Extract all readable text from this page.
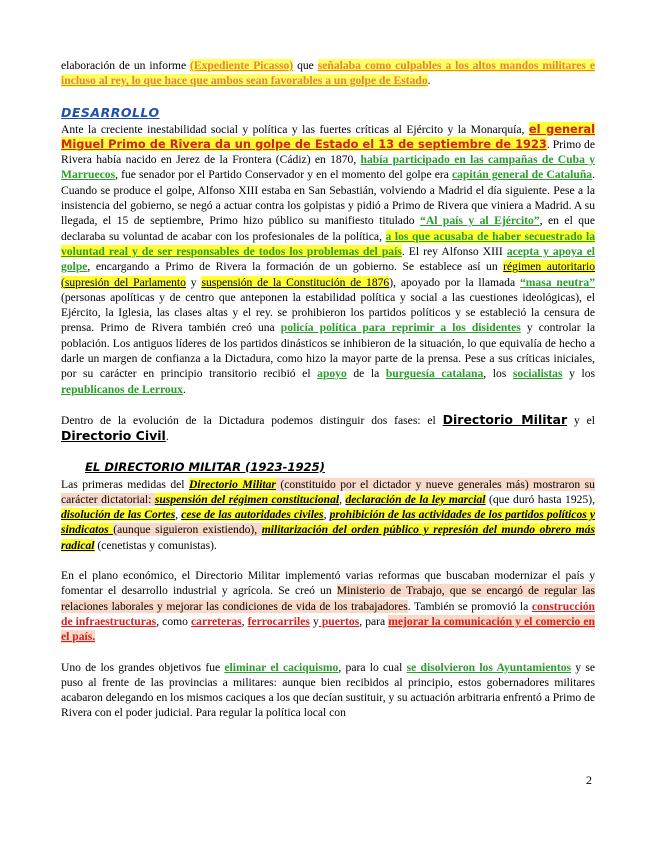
elaboración de un informe (Expediente Picasso) que señalaba como culpables a los altos mandos militares e incluso al rey, lo que hace que ambos sean favorables a un golpe de Estado.

DESARROLLO

Ante la creciente inestabilidad social y política y las fuertes críticas al Ejército y la Monarquía, el general Miguel Primo de Rivera da un golpe de Estado el 13 de septiembre de 1923. Primo de Rivera había nacido en Jerez de la Frontera (Cádiz) en 1870, había participado en las campañas de Cuba y Marruecos, fue senador por el Partido Conservador y en el momento del golpe era capitán general de Cataluña. Cuando se produce el golpe, Alfonso XIII estaba en San Sebastián, volviendo a Madrid el día siguiente. Pese a la insistencia del gobierno, se negó a actuar contra los golpistas y pidió a Primo de Rivera que viniera a Madrid. A su llegada, el 15 de septiembre, Primo hizo público su manifiesto titulado “Al país y al Ejército”, en el que declaraba su voluntad de acabar con los profesionales de la política, a los que acusaba de haber secuestrado la voluntad real y de ser responsables de todos los problemas del país. El rey Alfonso XIII acepta y apoya el golpe, encargando a Primo de Rivera la formación de un gobierno. Se establece así un régimen autoritario (supresión del Parlamento y suspensión de la Constitución de 1876), apoyado por la llamada “masa neutra” (personas apolíticas y de centro que anteponen la estabilidad política y social a las cuestiones ideológicas), el Ejército, la Iglesia, las clases altas y el rey. se prohibieron los partidos políticos y se estableció la censura de prensa. Primo de Rivera también creó una policía política para reprimir a los disidentes y controlar la población. Los antiguos líderes de los partidos dinásticos se inhibieron de la situación, lo que equivalía de hecho a darle un margen de confianza a la Dictadura, como hizo la mayor parte de la prensa. Pese a sus críticas iniciales, por su carácter en principio transitorio recibió el apoyo de la burguesía catalana, los socialistas y los republicanos de Lerroux.

Dentro de la evolución de la Dictadura podemos distinguir dos fases: el Directorio Militar y el Directorio Civil.

EL DIRECTORIO MILITAR (1923-1925)

Las primeras medidas del Directorio Militar (constituido por el dictador y nueve generales más) mostraron su carácter dictatorial: suspensión del régimen constitucional, declaración de la ley marcial (que duró hasta 1925), disolución de las Cortes, cese de las autoridades civiles, prohibición de las actividades de los partidos políticos y sindicatos (aunque siguieron existiendo), militarización del orden público y represión del mundo obrero más radical (cenetistas y comunistas).

En el plano económico, el Directorio Militar implementó varias reformas que buscaban modernizar el país y fomentar el desarrollo industrial y agrícola. Se creó un Ministerio de Trabajo, que se encargó de regular las relaciones laborales y mejorar las condiciones de vida de los trabajadores. También se promovió la construcción de infraestructuras, como carreteras, ferrocarriles y puertos, para mejorar la comunicación y el comercio en el país.

Uno de los grandes objetivos fue eliminar el caciquismo, para lo cual se disolvieron los Ayuntamientos y se puso al frente de las provincias a militares: aunque bien recibidos al principio, estos gobernadores militares acabaron delegando en los mismos caciques a los que decían sustituir, y su actuación arbitraria enfrentó a Primo de Rivera con el poder judicial. Para regular la política local con

2
